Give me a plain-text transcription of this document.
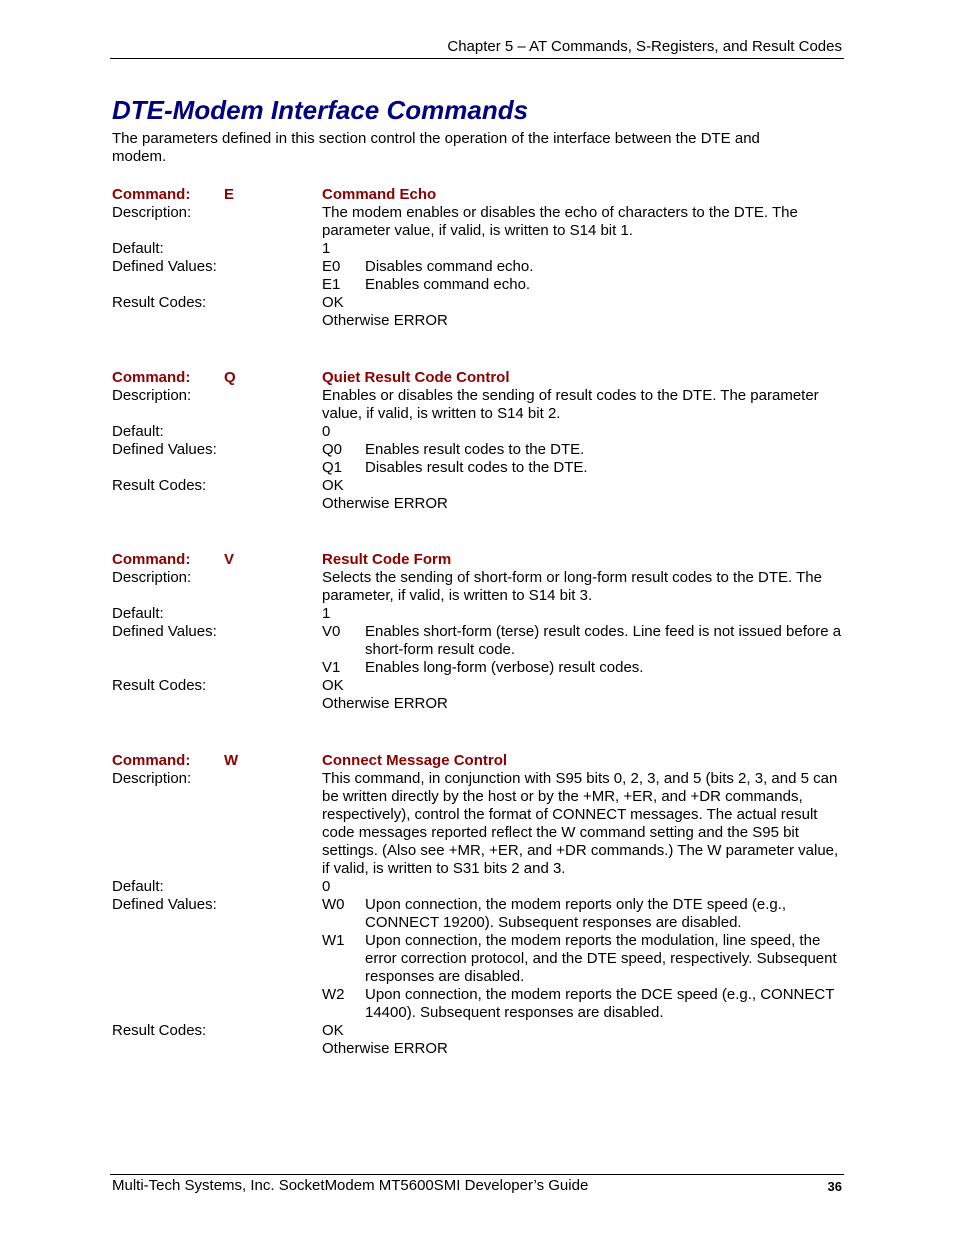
Chapter 5 – AT Commands, S-Registers, and Result Codes
DTE-Modem Interface Commands

The parameters defined in this section control the operation of the interface between the DTE and modem.

Command: E	Command Echo
Description:	The modem enables or disables the echo of characters to the DTE. The parameter value, if valid, is written to S14 bit 1.
Default:	1
Defined Values:	E0 Disables command echo.
E1 Enables command echo.
Result Codes:	OK
Otherwise ERROR
Command: Q	Quiet Result Code Control
Description:	Enables or disables the sending of result codes to the DTE. The parameter value, if valid, is written to S14 bit 2.
Default:	0
Defined Values:	Q0 Enables result codes to the DTE.
Q1 Disables result codes to the DTE.
Result Codes:	OK
Otherwise ERROR
Command: V	Result Code Form
Description:	Selects the sending of short-form or long-form result codes to the DTE. The parameter, if valid, is written to S14 bit 3.
Default:	1
Defined Values:	V0 Enables short-form (terse) result codes. Line feed is not issued before a short-form result code.
V1 Enables long-form (verbose) result codes.
Result Codes:	OK
Otherwise ERROR
Command: W	Connect Message Control
Description:	This command, in conjunction with S95 bits 0, 2, 3, and 5 (bits 2, 3, and 5 can be written directly by the host or by the +MR, +ER, and +DR commands, respectively), control the format of CONNECT messages. The actual result code messages reported reflect the W command setting and the S95 bit settings. (Also see +MR, +ER, and +DR commands.) The W parameter value, if valid, is written to S31 bits 2 and 3.
Default:	0
Defined Values:	W0 Upon connection, the modem reports only the DTE speed (e.g., CONNECT 19200). Subsequent responses are disabled.
W1 Upon connection, the modem reports the modulation, line speed, the error correction protocol, and the DTE speed, respectively. Subsequent responses are disabled.
W2 Upon connection, the modem reports the DCE speed (e.g., CONNECT 14400). Subsequent responses are disabled.
Result Codes:	OK
Otherwise ERROR
Multi-Tech Systems, Inc. SocketModem MT5600SMI Developer’s Guide	36
